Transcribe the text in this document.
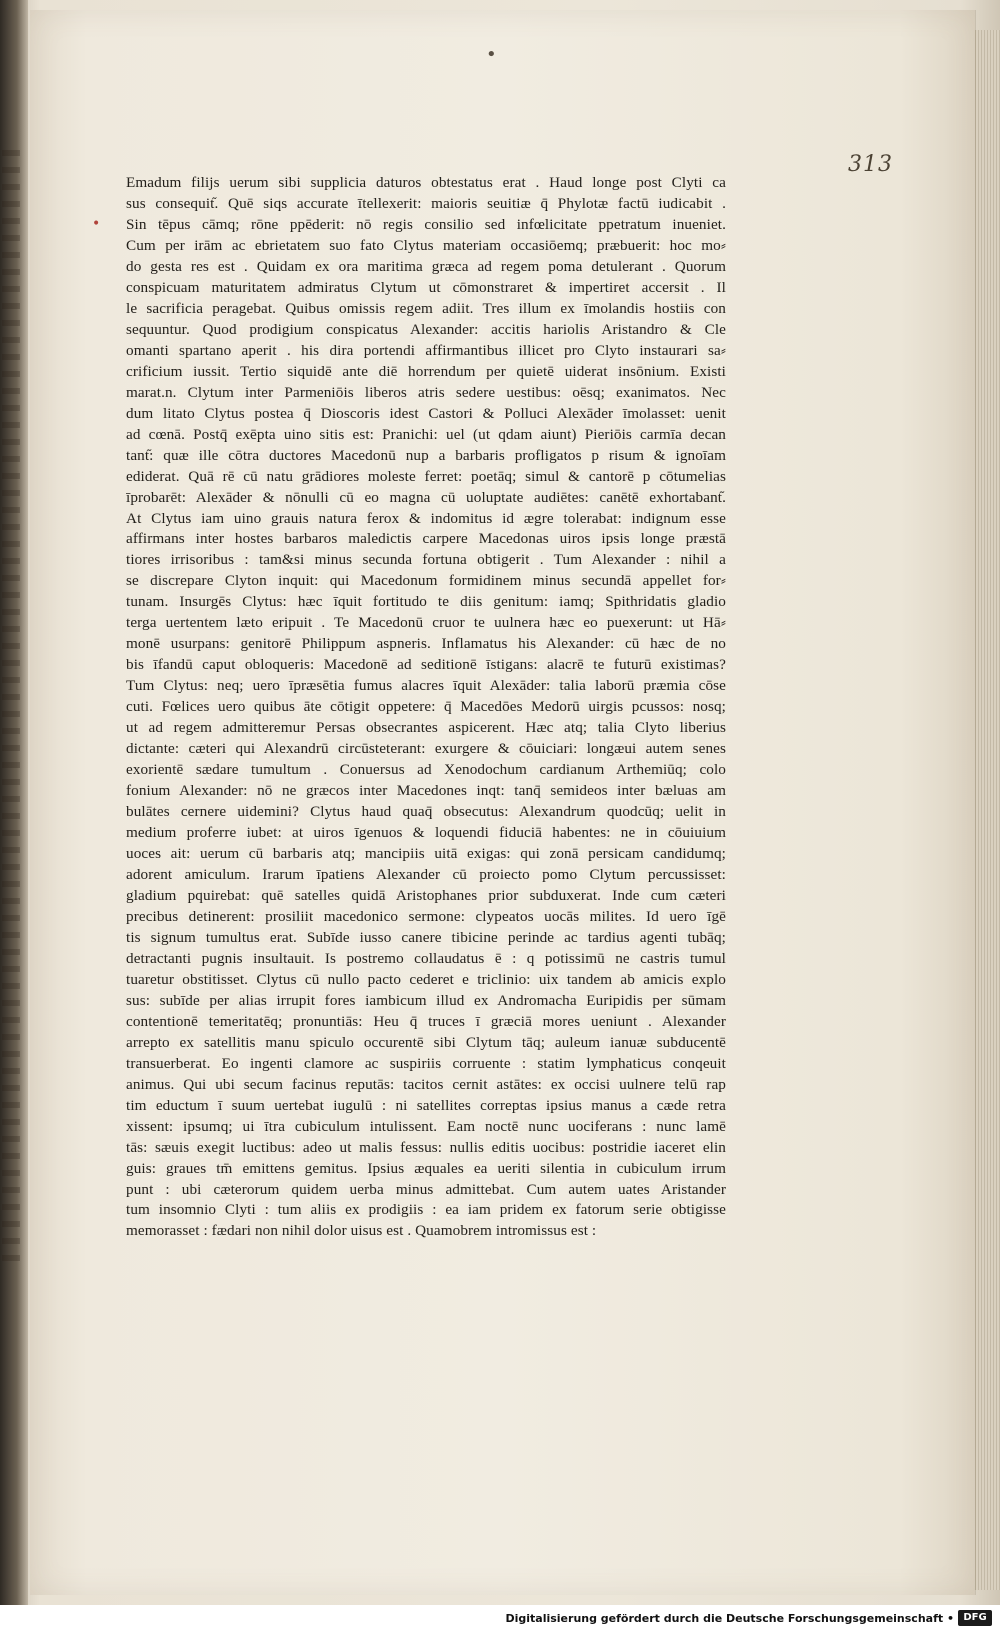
•
313
•
Emadum filijs uerum sibi supplicia daturos obtestatus erat . Haud longe post Clyti ca
sus consequit᷉. Quē siqs accurate ītellexerit: maioris seuitiæ q̄ Phylotæ factū iudicabit .
Sin tēpus cāmq; rōne ppēderit: nō regis consilio sed infœlicitate ppetratum inueniet.
Cum per irām ac ebrietatem suo fato Clytus materiam occasiōemq; præbuerit: hoc mo⸗
do gesta res est . Quidam ex ora maritima græca ad regem poma detulerant . Quorum
conspicuam maturitatem admiratus Clytum ut cōmonstraret & impertiret accersit . Il
le sacrificia peragebat. Quibus omissis regem adiit. Tres illum ex īmolandis hostiis con
sequuntur. Quod prodigium conspicatus Alexander: accitis hariolis Aristandro & Cle
omanti spartano aperit . his dira portendi affirmantibus illicet pro Clyto instaurari sa⸗
crificium iussit. Tertio siquidē ante diē horrendum per quietē uiderat insōnium. Existi
marat.n. Clytum inter Parmeniōis liberos atris sedere uestibus: oēsq; exanimatos. Nec
dum litato Clytus postea q̄ Dioscoris idest Castori & Polluci Alexāder īmolasset: uenit
ad cœnā. Postq̄ exēpta uino sitis est: Pranichi: uel (ut qdam aiunt) Pieriōis carmīa decan
tant᷉: quæ ille cōtra ductores Macedonū nup a barbaris profligatos p risum & ignoīam
ediderat. Quā rē cū natu grādiores moleste ferret: poetāq; simul & cantorē p cōtumelias
īprobarēt: Alexāder & nōnulli cū eo magna cū uoluptate audiētes: canētē exhortabant᷉.
At Clytus iam uino grauis natura ferox & indomitus id ægre tolerabat: indignum esse
affirmans inter hostes barbaros maledictis carpere Macedonas uiros ipsis longe præstā
tiores irrisoribus : tam&si minus secunda fortuna obtigerit . Tum Alexander : nihil a
se discrepare Clyton inquit: qui Macedonum formidinem minus secundā appellet for⸗
tunam. Insurgēs Clytus: hæc īquit fortitudo te diis genitum: iamq; Spithridatis gladio
terga uertentem læto eripuit . Te Macedonū cruor te uulnera hæc eo puexerunt: ut Hā⸗
monē usurpans: genitorē Philippum aspneris. Inflamatus his Alexander: cū hæc de no
bis īfandū caput obloqueris: Macedonē ad seditionē īstigans: alacrē te futurū existimas?
Tum Clytus: neq; uero īpræsētia fumus alacres īquit Alexāder: talia laborū præmia cōse
cuti. Fœlices uero quibus āte cōtigit oppetere: q̄ Macedōes Medorū uirgis pcussos: nosq;
ut ad regem admitteremur Persas obsecrantes aspicerent. Hæc atq; talia Clyto liberius
dictante: cæteri qui Alexandrū circūsteterant: exurgere & cōuiciari: longæui autem senes
exorientē sædare tumultum . Conuersus ad Xenodochum cardianum Arthemiūq; colo
fonium Alexander: nō ne græcos inter Macedones inqt: tanq̄ semideos inter bæluas am
bulātes cernere uidemini? Clytus haud quaq̄ obsecutus: Alexandrum quodcūq; uelit in
medium proferre iubet: at uiros īgenuos & loquendi fiduciā habentes: ne in cōuiuium
uoces ait: uerum cū barbaris atq; mancipiis uitā exigas: qui zonā persicam candidumq;
adorent amiculum. Irarum īpatiens Alexander cū proiecto pomo Clytum percussisset:
gladium pquirebat: quē satelles quidā Aristophanes prior subduxerat. Inde cum cæteri
precibus detinerent: prosiliit macedonico sermone: clypeatos uocās milites. Id uero īgē
tis signum tumultus erat. Subīde iusso canere tibicine perinde ac tardius agenti tubāq;
detractanti pugnis insultauit. Is postremo collaudatus ē : q potissimū ne castris tumul
tuaretur obstitisset. Clytus cū nullo pacto cederet e triclinio: uix tandem ab amicis explo
sus: subīde per alias irrupit fores iambicum illud ex Andromacha Euripidis per sūmam
contentionē temeritatēq; pronuntiās: Heu q̄ truces ī græciā mores ueniunt . Alexander
arrepto ex satellitis manu spiculo occurentē sibi Clytum tāq; auleum ianuæ subducentē
transuerberat. Eo ingenti clamore ac suspiriis corruente : statim lymphaticus conqeuit
animus. Qui ubi secum facinus reputās: tacitos cernit astātes: ex occisi uulnere telū rap
tim eductum ī suum uertebat iugulū : ni satellites correptas ipsius manus a cæde retra
xissent: ipsumq; ui ītra cubiculum intulissent. Eam noctē nunc uociferans : nunc lamē
tās: sæuis exegit luctibus: adeo ut malis fessus: nullis editis uocibus: postridie iaceret elin
guis: graues tm̄ emittens gemitus. Ipsius æquales ea ueriti silentia in cubiculum irrum
punt : ubi cæterorum quidem uerba minus admittebat. Cum autem uates Aristander
tum insomnio Clyti : tum aliis ex prodigiis : ea iam pridem ex fatorum serie obtigisse
memorasset : fædari non nihil dolor uisus est . Quamobrem intromissus est :
Digitalisierung gefördert durch die Deutsche Forschungsgemeinschaft • DFG
